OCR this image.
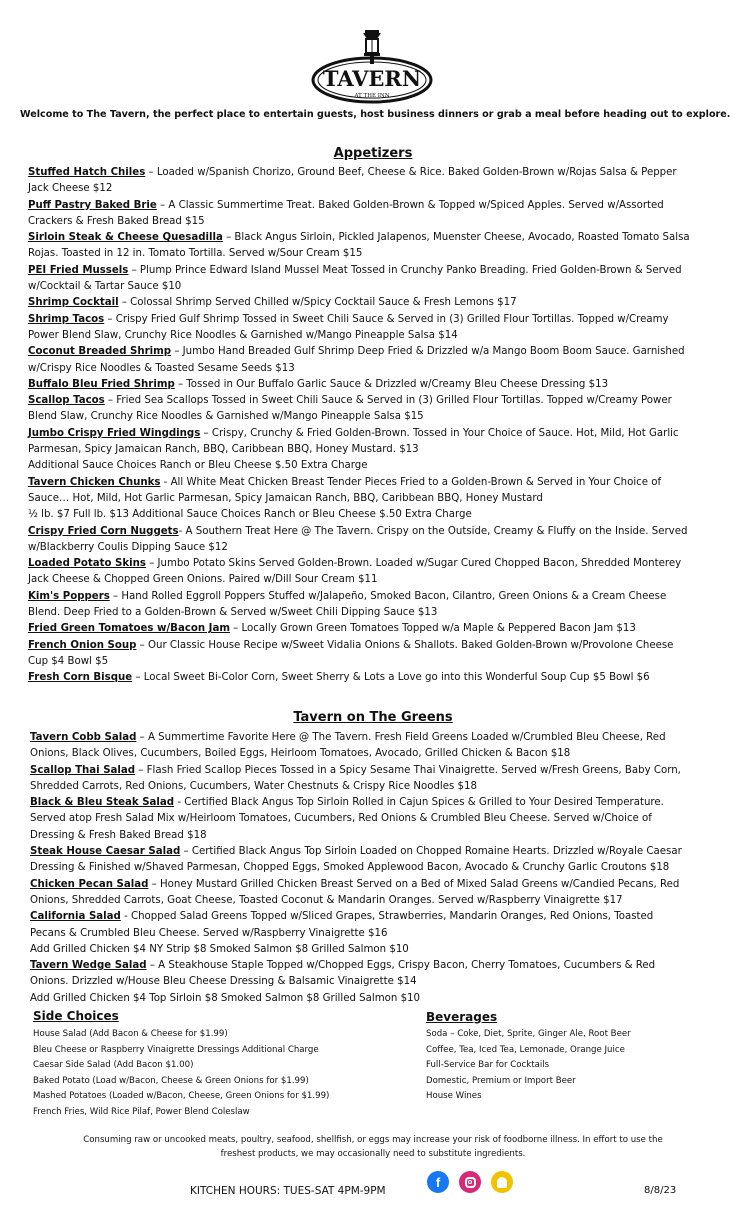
TAVERN
AT THE INN
Welcome to The Tavern, the perfect place to entertain guests, host business dinners or grab a meal before heading out to explore.
Appetizers
Stuffed Hatch Chiles – Loaded w/Spanish Chorizo, Ground Beef, Cheese & Rice. Baked Golden-Brown w/Rojas Salsa & Pepper
Jack Cheese $12
Puff Pastry Baked Brie – A Classic Summertime Treat. Baked Golden-Brown & Topped w/Spiced Apples. Served w/Assorted
Crackers & Fresh Baked Bread $15
Sirloin Steak & Cheese Quesadilla – Black Angus Sirloin, Pickled Jalapenos, Muenster Cheese, Avocado, Roasted Tomato Salsa
Rojas. Toasted in 12 in. Tomato Tortilla. Served w/Sour Cream $15
PEI Fried Mussels – Plump Prince Edward Island Mussel Meat Tossed in Crunchy Panko Breading. Fried Golden-Brown & Served
w/Cocktail & Tartar Sauce $10
Shrimp Cocktail – Colossal Shrimp Served Chilled w/Spicy Cocktail Sauce & Fresh Lemons $17
Shrimp Tacos – Crispy Fried Gulf Shrimp Tossed in Sweet Chili Sauce & Served in (3) Grilled Flour Tortillas. Topped w/Creamy
Power Blend Slaw, Crunchy Rice Noodles & Garnished w/Mango Pineapple Salsa $14
Coconut Breaded Shrimp – Jumbo Hand Breaded Gulf Shrimp Deep Fried & Drizzled w/a Mango Boom Boom Sauce. Garnished
w/Crispy Rice Noodles & Toasted Sesame Seeds $13
Buffalo Bleu Fried Shrimp – Tossed in Our Buffalo Garlic Sauce & Drizzled w/Creamy Bleu Cheese Dressing $13
Scallop Tacos – Fried Sea Scallops Tossed in Sweet Chili Sauce & Served in (3) Grilled Flour Tortillas. Topped w/Creamy Power
Blend Slaw, Crunchy Rice Noodles & Garnished w/Mango Pineapple Salsa $15
Jumbo Crispy Fried Wingdings – Crispy, Crunchy & Fried Golden-Brown. Tossed in Your Choice of Sauce. Hot, Mild, Hot Garlic
Parmesan, Spicy Jamaican Ranch, BBQ, Caribbean BBQ, Honey Mustard. $13
Additional Sauce Choices Ranch or Bleu Cheese $.50 Extra Charge
Tavern Chicken Chunks - All White Meat Chicken Breast Tender Pieces Fried to a Golden-Brown & Served in Your Choice of
Sauce… Hot, Mild, Hot Garlic Parmesan, Spicy Jamaican Ranch, BBQ, Caribbean BBQ, Honey Mustard
½ lb. $7 Full lb. $13 Additional Sauce Choices Ranch or Bleu Cheese $.50 Extra Charge
Crispy Fried Corn Nuggets- A Southern Treat Here @ The Tavern. Crispy on the Outside, Creamy & Fluffy on the Inside. Served
w/Blackberry Coulis Dipping Sauce $12
Loaded Potato Skins – Jumbo Potato Skins Served Golden-Brown. Loaded w/Sugar Cured Chopped Bacon, Shredded Monterey
Jack Cheese & Chopped Green Onions. Paired w/Dill Sour Cream $11
Kim's Poppers – Hand Rolled Eggroll Poppers Stuffed w/Jalapeño, Smoked Bacon, Cilantro, Green Onions & a Cream Cheese
Blend. Deep Fried to a Golden-Brown & Served w/Sweet Chili Dipping Sauce $13
Fried Green Tomatoes w/Bacon Jam – Locally Grown Green Tomatoes Topped w/a Maple & Peppered Bacon Jam $13
French Onion Soup – Our Classic House Recipe w/Sweet Vidalia Onions & Shallots. Baked Golden-Brown w/Provolone Cheese
Cup $4 Bowl $5
Fresh Corn Bisque – Local Sweet Bi-Color Corn, Sweet Sherry & Lots a Love go into this Wonderful Soup Cup $5 Bowl $6
Tavern on The Greens
Tavern Cobb Salad – A Summertime Favorite Here @ The Tavern. Fresh Field Greens Loaded w/Crumbled Bleu Cheese, Red
Onions, Black Olives, Cucumbers, Boiled Eggs, Heirloom Tomatoes, Avocado, Grilled Chicken & Bacon $18
Scallop Thai Salad – Flash Fried Scallop Pieces Tossed in a Spicy Sesame Thai Vinaigrette. Served w/Fresh Greens, Baby Corn,
Shredded Carrots, Red Onions, Cucumbers, Water Chestnuts & Crispy Rice Noodles $18
Black & Bleu Steak Salad - Certified Black Angus Top Sirloin Rolled in Cajun Spices & Grilled to Your Desired Temperature.
Served atop Fresh Salad Mix w/Heirloom Tomatoes, Cucumbers, Red Onions & Crumbled Bleu Cheese. Served w/Choice of
Dressing & Fresh Baked Bread $18
Steak House Caesar Salad – Certified Black Angus Top Sirloin Loaded on Chopped Romaine Hearts. Drizzled w/Royale Caesar
Dressing & Finished w/Shaved Parmesan, Chopped Eggs, Smoked Applewood Bacon, Avocado & Crunchy Garlic Croutons $18
Chicken Pecan Salad – Honey Mustard Grilled Chicken Breast Served on a Bed of Mixed Salad Greens w/Candied Pecans, Red
Onions, Shredded Carrots, Goat Cheese, Toasted Coconut & Mandarin Oranges. Served w/Raspberry Vinaigrette $17
California Salad - Chopped Salad Greens Topped w/Sliced Grapes, Strawberries, Mandarin Oranges, Red Onions, Toasted
Pecans & Crumbled Bleu Cheese. Served w/Raspberry Vinaigrette $16
Add Grilled Chicken $4 NY Strip $8 Smoked Salmon $8 Grilled Salmon $10
Tavern Wedge Salad – A Steakhouse Staple Topped w/Chopped Eggs, Crispy Bacon, Cherry Tomatoes, Cucumbers & Red
Onions. Drizzled w/House Bleu Cheese Dressing & Balsamic Vinaigrette $14
Add Grilled Chicken $4 Top Sirloin $8 Smoked Salmon $8 Grilled Salmon $10
Side Choices
House Salad (Add Bacon & Cheese for $1.99)
Bleu Cheese or Raspberry Vinaigrette Dressings Additional Charge
Caesar Side Salad (Add Bacon $1.00)
Baked Potato (Load w/Bacon, Cheese & Green Onions for $1.99)
Mashed Potatoes (Loaded w/Bacon, Cheese, Green Onions for $1.99)
French Fries, Wild Rice Pilaf, Power Blend Coleslaw
Beverages
Soda – Coke, Diet, Sprite, Ginger Ale, Root Beer
Coffee, Tea, Iced Tea, Lemonade, Orange Juice
Full-Service Bar for Cocktails
Domestic, Premium or Import Beer
House Wines
Consuming raw or uncooked meats, poultry, seafood, shellfish, or eggs may increase your risk of foodborne illness. In effort to use the
freshest products, we may occasionally need to substitute ingredients.
KITCHEN HOURS: TUES-SAT 4PM-9PM
f
8/8/23
